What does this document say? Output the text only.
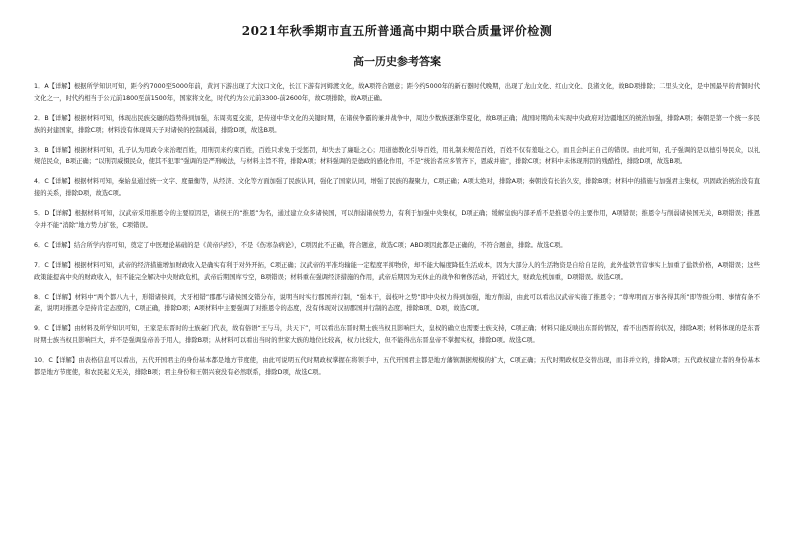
2021年秋季期市直五所普通高中期中联合质量评价检测
高一历史参考答案

1．A【详解】根据所学知识可知，距今约7000至5000年前，黄河下游出现了大汶口文化，长江下游有河姆渡文化，故A项符合题意；距今约5000年的新石器时代晚期，出现了龙山文化、红山文化、良渚文化，故BD项排除；二里头文化，是中国最早的青铜时代文化之一，时代约相当于公元前1800至前1500年，国家将文化，时代约为公元前3300-前2600年，故C项排除，故A项正确。

2．B【详解】根据材料可知，体现出民族交融的趋势得到加强，东周夷夏交流，是传递中华文化的关键时期，在诸侯争霸的兼并战争中，周边少数族逐渐华夏化，故B项正确；战国时期尚未实现中央政府对边疆地区的统治加强，排除A项；秦朝是第一个统一多民族的封建国家，排除C项；材料没有体现周天子对诸侯的控制减弱，排除D项，故选B项。

3．B【详解】根据材料可知，孔子认为用政令来治理百姓，用刑罚来约束百姓，百姓只求免于受惩罚，却失去了廉耻之心；用道德教化引导百姓，用礼制来规范百姓，百姓不仅有羞耻之心，而且会纠正自己的错误。由此可知，孔子强调的是以德引导民众，以礼规范民众，B项正确；“以刑罚威慑民众，使其不犯罪”强调的是严刑峻法，与材料主旨不符，排除A项；材料强调的是德政的感化作用，不是“统治者应多管齐下，恩威并施”，排除C项；材料中未体现刑罚的残酷性，排除D项，故选B项。

4．C【详解】根据材料可知，秦始皇通过统一文字、度量衡等，从经济、文化等方面加强了民族认同，强化了国家认同，增强了民族的凝聚力，C项正确；A项太绝对，排除A项；秦朝没有长治久安，排除B项；材料中的措施与加强君主集权，巩固政治统治没有直接的关系，排除D项，故选C项。

5．D【详解】根据材料可知，汉武帝采用推恩令的主要原因是，诸侯王的“推恩”为名，通过建立众多诸侯国，可以削弱诸侯势力，有利于加强中央集权，D项正确；缓解皇族内部矛盾不是推恩令的主要作用，A项错误；推恩令与削弱诸侯国无关，B项错误；推恩令并不能“消除”地方势力扩张，C项错误。

6．C【详解】结合所学内容可知，奠定了中医理论基础的是《黄帝内经》，不是《伤寒杂病论》，C项因此不正确，符合题意，故选C项；ABD项因此都是正确的，不符合题意，排除。故选C项。

7．C【详解】根据材料可知，武帝的经济措施增加财政收入是确实有利于对外开拓，C项正确；汉武帝的平准均输能一定程度平抑物价，却不能大幅度降低生活成本，因为大部分人的生活物资是自给自足的，此外盐铁官营事实上加重了盐铁价格，A项错误；这些政策能提高中央的财政收入，但不能完全解决中央财政危机，武帝后期国库亏空，B项错误；材料重在强调经济措施的作用，武帝后期因为无休止的战争和奢侈活动，开销过大，财政危机加重，D项错误。故选C项。

8．C【详解】材料中“两个都八九十，形错诸侯间，犬牙相错”郡郡与诸侯国交错分布，说明当时实行郡国并行制，“强本干，弱枝叶之势”即中央权力得到加强，地方削弱，由此可以看出汉武帝实施了推恩令；“尊卑明而万事各得其所”即等级分明、事情有条不紊，说明对推恩令是持肯定态度的，C项正确，排除D项；A项材料中主要强调了对推恩令的态度，没有体现对汉初郡国并行制的态度，排除B项、D项，故选C项。

9．C【详解】由材料及所学知识可知，王家是东晋时的士族豪门代表，故有俗语“王与马，共天下”，可以看出东晋时期士族当权且影响巨大，皇权的确立也需要士族支持，C项正确；材料只能反映出东晋的情况，看不出西晋的状况，排除A项；材料体现的是东晋时期士族当权且影响巨大，并不是强调皇帝善于用人，排除B项；从材料可以看出当时的世家大族的地位比较高，权力比较大，但不能得出东晋皇帝不掌握实权，排除D项。故选C项。

10．C【详解】由表格信息可以看出，五代开国君主的身份基本都是地方节度使，由此可说明五代时期政权掌握在将领手中，五代开国君主都是地方藩镇割据规模的扩大，C项正确；五代时期政权是交替出现，而非并立的，排除A项；五代政权建立者的身份基本都是地方节度使，和农民起义无关，排除B项；君主身份和王朝兴衰没有必然联系，排除D项，故选C项。
